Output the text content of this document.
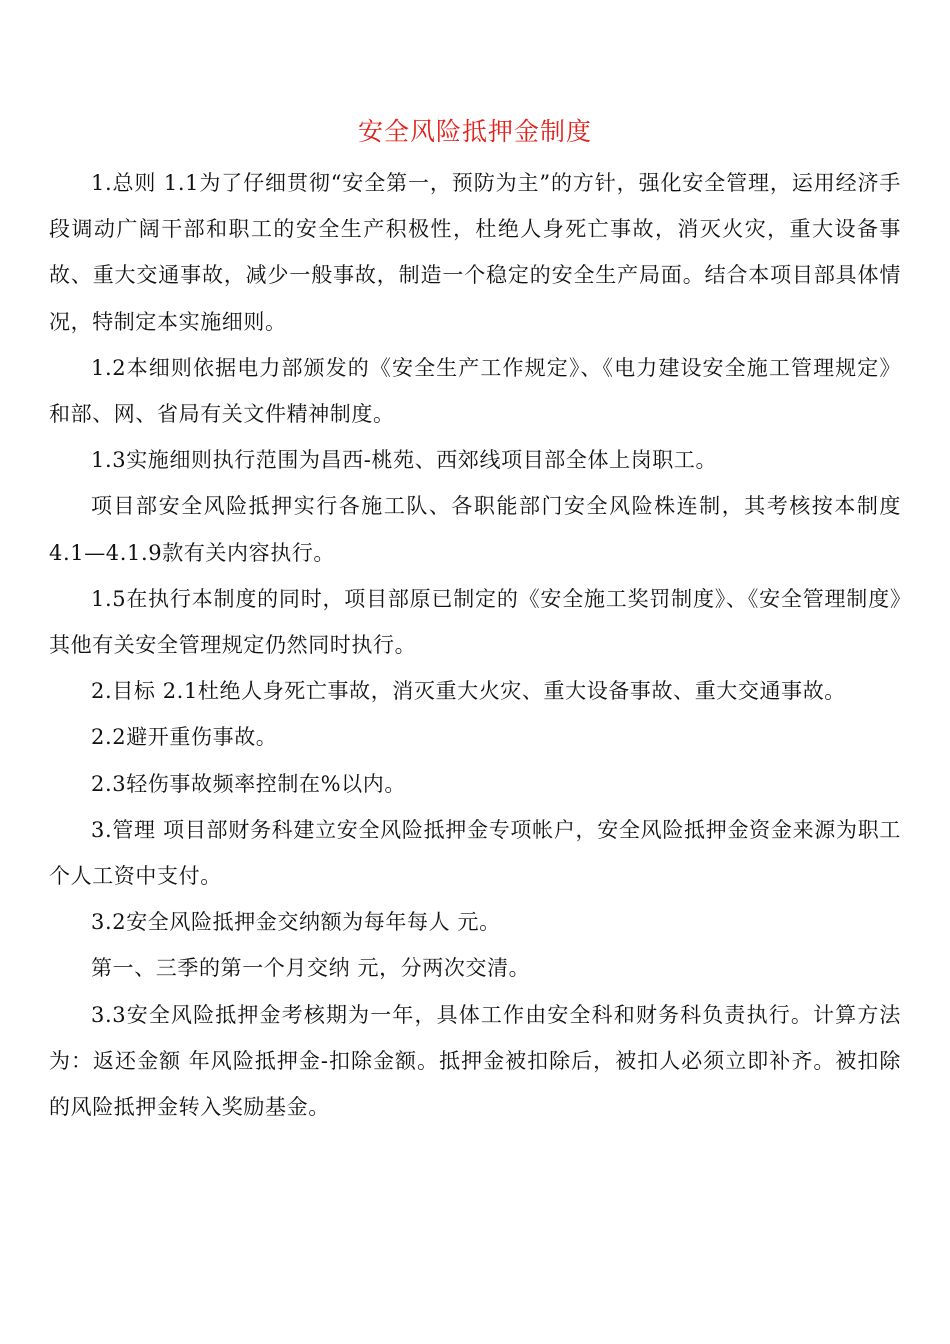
安全风险抵押金制度

1.总则 1.1为了仔细贯彻“安全第一，预防为主”的方针，强化安全管理，运用经济手段调动广阔干部和职工的安全生产积极性，杜绝人身死亡事故，消灭火灾，重大设备事故、重大交通事故，减少一般事故，制造一个稳定的安全生产局面。结合本项目部具体情况，特制定本实施细则。

1.2本细则依据电力部颁发的《安全生产工作规定》、《电力建设安全施工管理规定》和部、网、省局有关文件精神制度。

1.3实施细则执行范围为昌西-桃苑、西郊线项目部全体上岗职工。

项目部安全风险抵押实行各施工队、各职能部门安全风险株连制，其考核按本制度4.1—4.1.9款有关内容执行。

1.5在执行本制度的同时，项目部原已制定的《安全施工奖罚制度》、《安全管理制度》其他有关安全管理规定仍然同时执行。

2.目标 2.1杜绝人身死亡事故，消灭重大火灾、重大设备事故、重大交通事故。

2.2避开重伤事故。

2.3轻伤事故频率控制在%以内。

3.管理 项目部财务科建立安全风险抵押金专项帐户，安全风险抵押金资金来源为职工个人工资中支付。

3.2安全风险抵押金交纳额为每年每人 元。

第一、三季的第一个月交纳 元，分两次交清。

3.3安全风险抵押金考核期为一年，具体工作由安全科和财务科负责执行。计算方法为：返还金额 年风险抵押金-扣除金额。抵押金被扣除后，被扣人必须立即补齐。被扣除的风险抵押金转入奖励基金。
